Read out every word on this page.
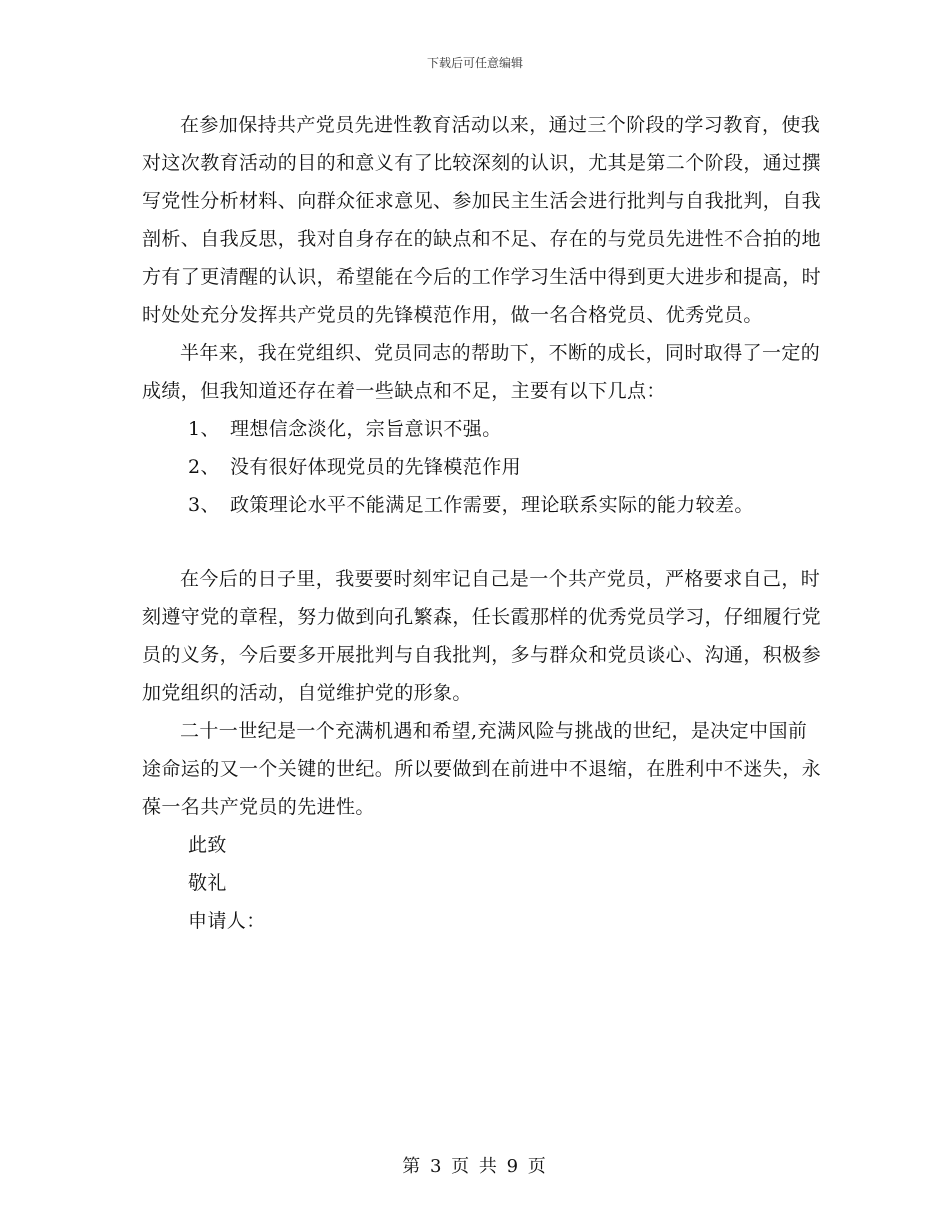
下载后可任意编辑

在参加保持共产党员先进性教育活动以来，通过三个阶段的学习教育，使我对这次教育活动的目的和意义有了比较深刻的认识，尤其是第二个阶段，通过撰写党性分析材料、向群众征求意见、参加民主生活会进行批判与自我批判，自我剖析、自我反思，我对自身存在的缺点和不足、存在的与党员先进性不合拍的地方有了更清醒的认识，希望能在今后的工作学习生活中得到更大进步和提高，时时处处充分发挥共产党员的先锋模范作用，做一名合格党员、优秀党员。

半年来，我在党组织、党员同志的帮助下，不断的成长，同时取得了一定的成绩，但我知道还存在着一些缺点和不足，主要有以下几点：

1、 理想信念淡化，宗旨意识不强。
2、 没有很好体现党员的先锋模范作用
3、 政策理论水平不能满足工作需要，理论联系实际的能力较差。

在今后的日子里，我要要时刻牢记自己是一个共产党员，严格要求自己，时刻遵守党的章程，努力做到向孔繁森，任长霞那样的优秀党员学习，仔细履行党员的义务，今后要多开展批判与自我批判，多与群众和党员谈心、沟通，积极参加党组织的活动，自觉维护党的形象。

二十一世纪是一个充满机遇和希望,充满风险与挑战的世纪，是决定中国前途命运的又一个关键的世纪。所以要做到在前进中不退缩，在胜利中不迷失，永葆一名共产党员的先进性。

此致

敬礼

申请人：

第 3 页 共 9 页
